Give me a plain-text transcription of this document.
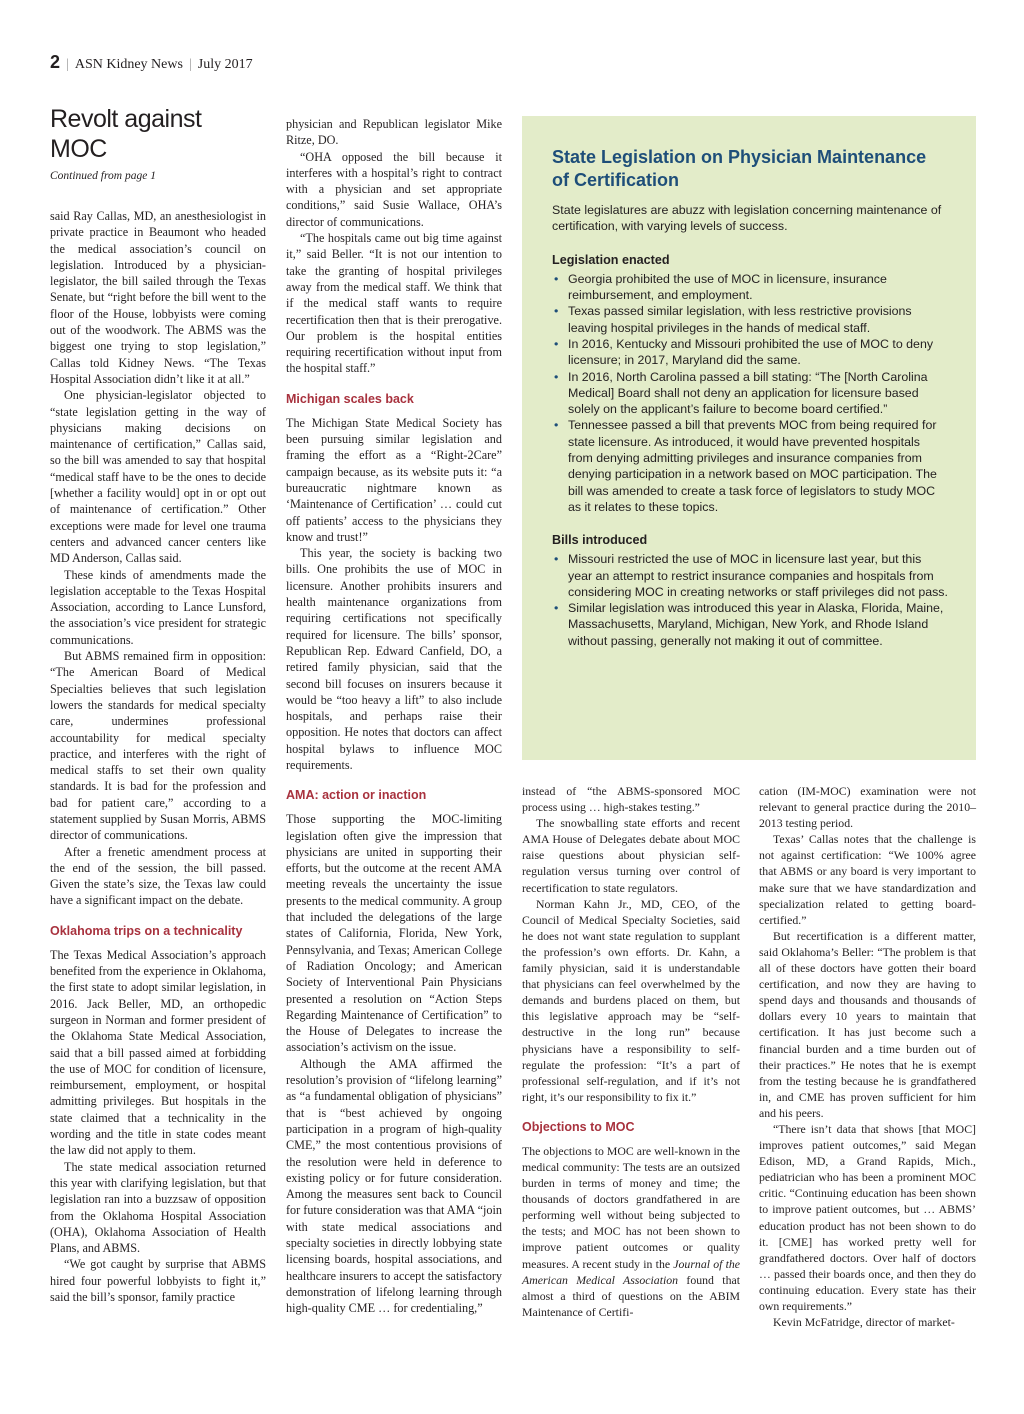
2 | ASN Kidney News | July 2017
Revolt against MOC
Continued from page 1

said Ray Callas, MD, an anesthesiologist in private practice in Beaumont who headed the medical association’s council on legislation. Introduced by a physician-legislator, the bill sailed through the Texas Senate, but “right before the bill went to the floor of the House, lobbyists were coming out of the woodwork. The ABMS was the biggest one trying to stop legislation,” Callas told Kidney News. “The Texas Hospital Association didn’t like it at all.”

One physician-legislator objected to “state legislation getting in the way of physicians making decisions on maintenance of certification,” Callas said, so the bill was amended to say that hospital “medical staff have to be the ones to decide [whether a facility would] opt in or opt out of maintenance of certification.” Other exceptions were made for level one trauma centers and advanced cancer centers like MD Anderson, Callas said.

These kinds of amendments made the legislation acceptable to the Texas Hospital Association, according to Lance Lunsford, the association’s vice president for strategic communications.

But ABMS remained firm in opposition: “The American Board of Medical Specialties believes that such legislation lowers the standards for medical specialty care, undermines professional accountability for medical specialty practice, and interferes with the right of medical staffs to set their own quality standards. It is bad for the profession and bad for patient care,” according to a statement supplied by Susan Morris, ABMS director of communications.

After a frenetic amendment process at the end of the session, the bill passed. Given the state’s size, the Texas law could have a significant impact on the debate.

Oklahoma trips on a technicality

The Texas Medical Association’s approach benefited from the experience in Oklahoma, the first state to adopt similar legislation, in 2016. Jack Beller, MD, an orthopedic surgeon in Norman and former president of the Oklahoma State Medical Association, said that a bill passed aimed at forbidding the use of MOC for condition of licensure, reimbursement, employment, or hospital admitting privileges. But hospitals in the state claimed that a technicality in the wording and the title in state codes meant the law did not apply to them.

The state medical association returned this year with clarifying legislation, but that legislation ran into a buzzsaw of opposition from the Oklahoma Hospital Association (OHA), Oklahoma Association of Health Plans, and ABMS.

“We got caught by surprise that ABMS hired four powerful lobbyists to fight it,” said the bill’s sponsor, family practice

physician and Republican legislator Mike Ritze, DO.

“OHA opposed the bill because it interferes with a hospital’s right to contract with a physician and set appropriate conditions,” said Susie Wallace, OHA’s director of communications.

“The hospitals came out big time against it,” said Beller. “It is not our intention to take the granting of hospital privileges away from the medical staff. We think that if the medical staff wants to require recertification then that is their prerogative. Our problem is the hospital entities requiring recertification without input from the hospital staff.”

Michigan scales back

The Michigan State Medical Society has been pursuing similar legislation and framing the effort as a “Right-2Care” campaign because, as its website puts it: “a bureaucratic nightmare known as ‘Maintenance of Certification’ … could cut off patients’ access to the physicians they know and trust!”

This year, the society is backing two bills. One prohibits the use of MOC in licensure. Another prohibits insurers and health maintenance organizations from requiring certifications not specifically required for licensure. The bills’ sponsor, Republican Rep. Edward Canfield, DO, a retired family physician, said that the second bill focuses on insurers because it would be “too heavy a lift” to also include hospitals, and perhaps raise their opposition. He notes that doctors can affect hospital bylaws to influence MOC requirements.

AMA: action or inaction

Those supporting the MOC-limiting legislation often give the impression that physicians are united in supporting their efforts, but the outcome at the recent AMA meeting reveals the uncertainty the issue presents to the medical community. A group that included the delegations of the large states of California, Florida, New York, Pennsylvania, and Texas; American College of Radiation Oncology; and American Society of Interventional Pain Physicians presented a resolution on “Action Steps Regarding Maintenance of Certification” to the House of Delegates to increase the association’s activism on the issue.

Although the AMA affirmed the resolution’s provision of “lifelong learning” as “a fundamental obligation of physicians” that is “best achieved by ongoing participation in a program of high-quality CME,” the most contentious provisions of the resolution were held in deference to existing policy or for future consideration. Among the measures sent back to Council for future consideration was that AMA “join with state medical associations and specialty societies in directly lobbying state licensing boards, hospital associations, and healthcare insurers to accept the satisfactory demonstration of lifelong learning through high-quality CME … for credentialing,”

State Legislation on Physician Maintenance of Certification

State legislatures are abuzz with legislation concerning maintenance of certification, with varying levels of success.

Legislation enacted
• Georgia prohibited the use of MOC in licensure, insurance reimbursement, and employment.
• Texas passed similar legislation, with less restrictive provisions leaving hospital privileges in the hands of medical staff.
• In 2016, Kentucky and Missouri prohibited the use of MOC to deny licensure; in 2017, Maryland did the same.
• In 2016, North Carolina passed a bill stating: “The [North Carolina Medical] Board shall not deny an application for licensure based solely on the applicant’s failure to become board certified.”
• Tennessee passed a bill that prevents MOC from being required for state licensure. As introduced, it would have prevented hospitals from denying admitting privileges and insurance companies from denying participation in a network based on MOC participation. The bill was amended to create a task force of legislators to study MOC as it relates to these topics.
Bills introduced
• Missouri restricted the use of MOC in licensure last year, but this year an attempt to restrict insurance companies and hospitals from considering MOC in creating networks or staff privileges did not pass.
• Similar legislation was introduced this year in Alaska, Florida, Maine, Massachusetts, Maryland, Michigan, New York, and Rhode Island without passing, generally not making it out of committee.

instead of “the ABMS-sponsored MOC process using … high-stakes testing.”

The snowballing state efforts and recent AMA House of Delegates debate about MOC raise questions about physician self-regulation versus turning over control of recertification to state regulators.

Norman Kahn Jr., MD, CEO, of the Council of Medical Specialty Societies, said he does not want state regulation to supplant the profession’s own efforts. Dr. Kahn, a family physician, said it is understandable that physicians can feel overwhelmed by the demands and burdens placed on them, but this legislative approach may be “self-destructive in the long run” because physicians have a responsibility to self-regulate the profession: “It’s a part of professional self-regulation, and if it’s not right, it’s our responsibility to fix it.”

Objections to MOC

The objections to MOC are well-known in the medical community: The tests are an outsized burden in terms of money and time; the thousands of doctors grandfathered in are performing well without being subjected to the tests; and MOC has not been shown to improve patient outcomes or quality measures. A recent study in the Journal of the American Medical Association found that almost a third of questions on the ABIM Maintenance of Certifi-

cation (IM-MOC) examination were not relevant to general practice during the 2010–2013 testing period.

Texas’ Callas notes that the challenge is not against certification: “We 100% agree that ABMS or any board is very important to make sure that we have standardization and specialization related to getting board-certified.”

But recertification is a different matter, said Oklahoma’s Beller: “The problem is that all of these doctors have gotten their board certification, and now they are having to spend days and thousands and thousands of dollars every 10 years to maintain that certification. It has just become such a financial burden and a time burden out of their practices.” He notes that he is exempt from the testing because he is grandfathered in, and CME has proven sufficient for him and his peers.

“There isn’t data that shows [that MOC] improves patient outcomes,” said Megan Edison, MD, a Grand Rapids, Mich., pediatrician who has been a prominent MOC critic. “Continuing education has been shown to improve patient outcomes, but … ABMS’ education product has not been shown to do it. [CME] has worked pretty well for grandfathered doctors. Over half of doctors … passed their boards once, and then they do continuing education. Every state has their own requirements.”

Kevin McFatridge, director of market-
